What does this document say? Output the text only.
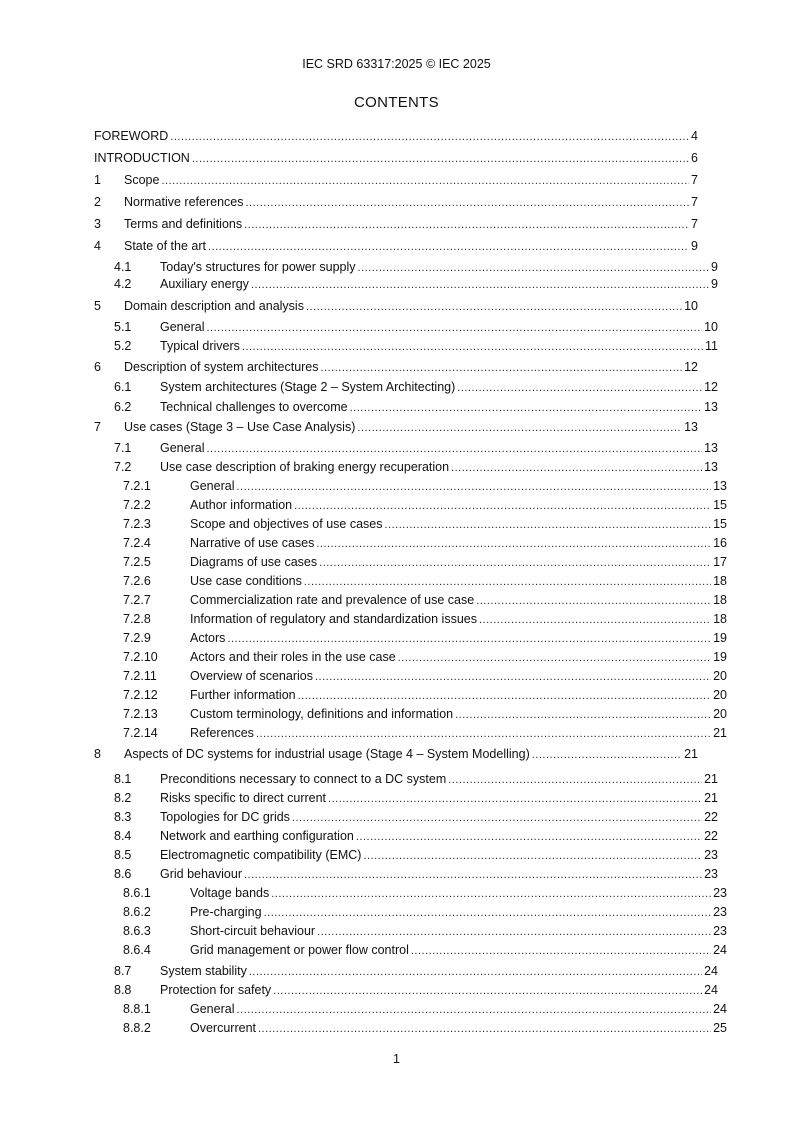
IEC SRD 63317:2025 © IEC 2025
CONTENTS
FOREWORD .....	4
INTRODUCTION .....	6
1	Scope .....	7
2	Normative references .....	7
3	Terms and definitions .....	7
4	State of the art .....	9
4.1	Today's structures for power supply .....	9
4.2	Auxiliary energy .....	9
5	Domain description and analysis .....	10
5.1	General .....	10
5.2	Typical drivers .....	11
6	Description of system architectures .....	12
6.1	System architectures (Stage 2 – System Architecting) .....	12
6.2	Technical challenges to overcome .....	13
7	Use cases (Stage 3 – Use Case Analysis) .....	13
7.1	General .....	13
7.2	Use case description of braking energy recuperation .....	13
7.2.1	General .....	13
7.2.2	Author information .....	15
7.2.3	Scope and objectives of use cases .....	15
7.2.4	Narrative of use cases .....	16
7.2.5	Diagrams of use cases .....	17
7.2.6	Use case conditions .....	18
7.2.7	Commercialization rate and prevalence of use case .....	18
7.2.8	Information of regulatory and standardization issues .....	18
7.2.9	Actors .....	19
7.2.10	Actors and their roles in the use case .....	19
7.2.11	Overview of scenarios .....	20
7.2.12	Further information .....	20
7.2.13	Custom terminology, definitions and information .....	20
7.2.14	References .....	21
8	Aspects of DC systems for industrial usage (Stage 4 – System Modelling) .....	21
8.1	Preconditions necessary to connect to a DC system .....	21
8.2	Risks specific to direct current .....	21
8.3	Topologies for DC grids .....	22
8.4	Network and earthing configuration .....	22
8.5	Electromagnetic compatibility (EMC) .....	23
8.6	Grid behaviour .....	23
8.6.1	Voltage bands .....	23
8.6.2	Pre-charging .....	23
8.6.3	Short-circuit behaviour .....	23
8.6.4	Grid management or power flow control .....	24
8.7	System stability .....	24
8.8	Protection for safety .....	24
8.8.1	General .....	24
8.8.2	Overcurrent .....	25
1
